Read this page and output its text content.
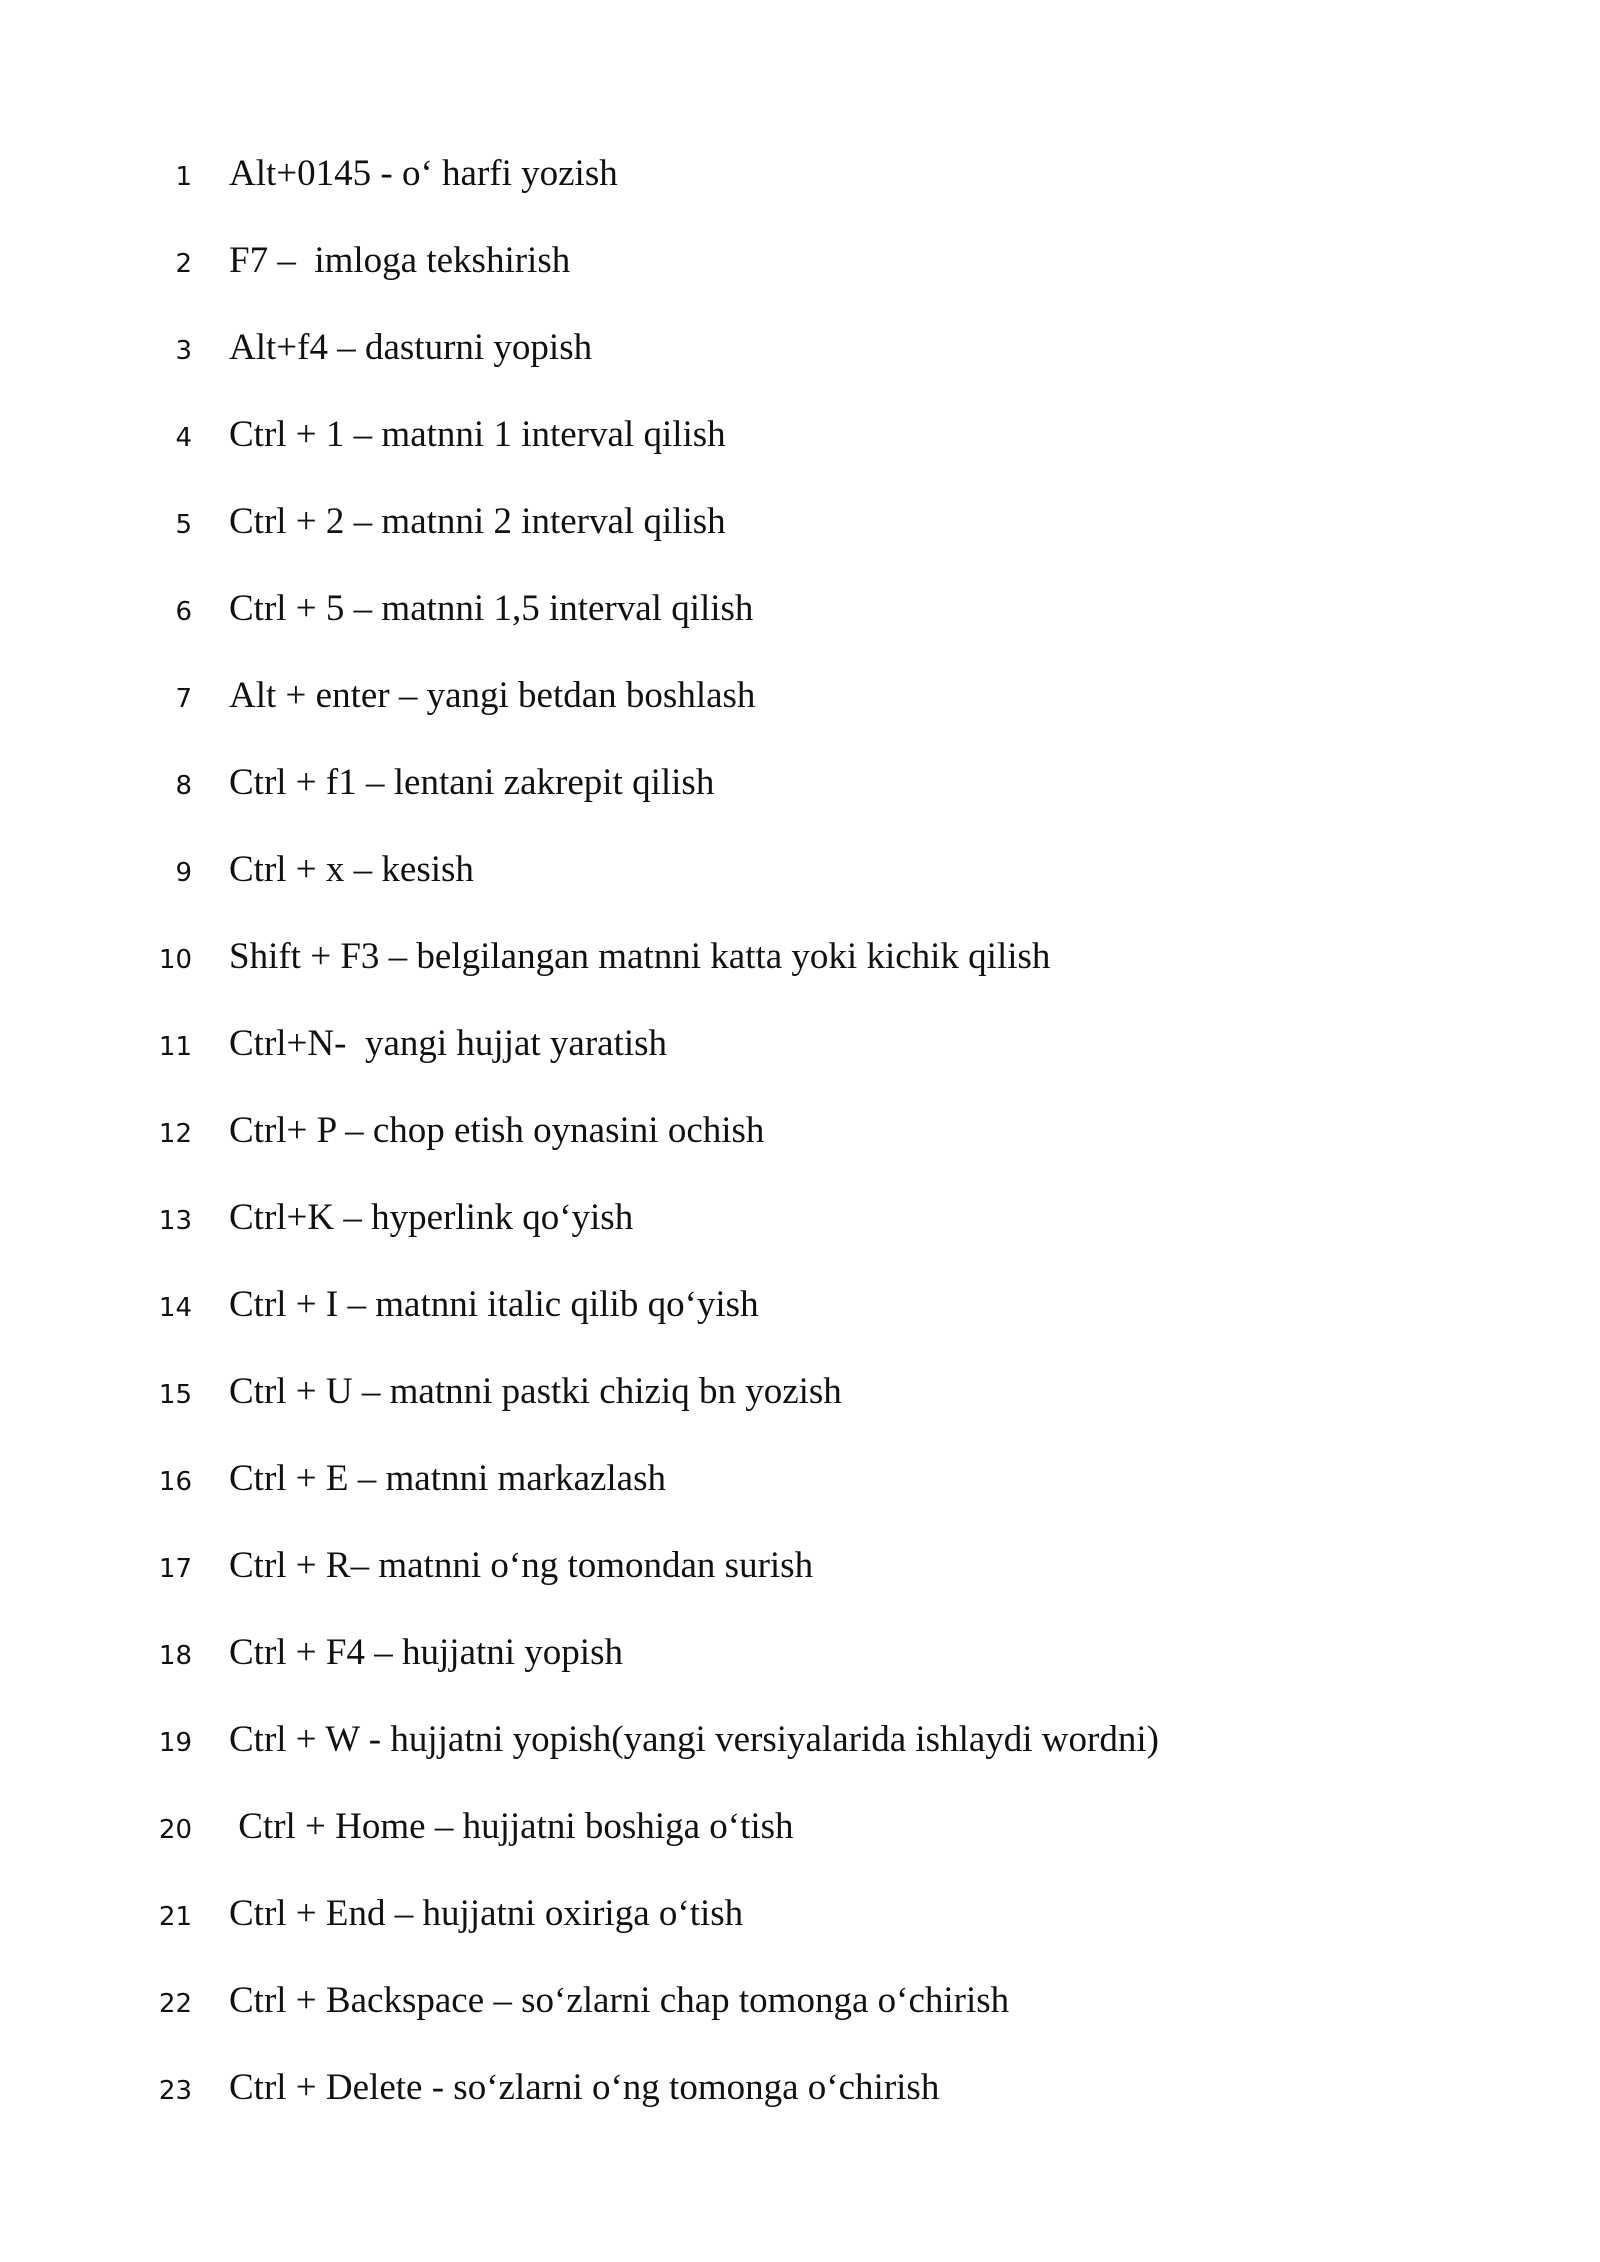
1 Alt+0145 - o‘ harfi yozish
2 F7 –  imloga tekshirish
3 Alt+f4 – dasturni yopish
4 Ctrl + 1 – matnni 1 interval qilish
5 Ctrl + 2 – matnni 2 interval qilish
6 Ctrl + 5 – matnni 1,5 interval qilish
7 Alt + enter – yangi betdan boshlash
8 Ctrl + f1 – lentani zakrepit qilish
9 Ctrl + x – kesish
10 Shift + F3 – belgilangan matnni katta yoki kichik qilish
11 Ctrl+N-  yangi hujjat yaratish
12 Ctrl+ P – chop etish oynasini ochish
13 Ctrl+K – hyperlink qo‘yish
14 Ctrl + I – matnni italic qilib qo‘yish
15 Ctrl + U – matnni pastki chiziq bn yozish
16 Ctrl + E – matnni markazlash
17 Ctrl + R– matnni o‘ng tomondan surish
18 Ctrl + F4 – hujjatni yopish
19 Ctrl + W - hujjatni yopish(yangi versiyalarida ishlaydi wordni)
20 Ctrl + Home – hujjatni boshiga o‘tish
21 Ctrl + End – hujjatni oxiriga o‘tish
22 Ctrl + Backspace – so‘zlarni chap tomonga o‘chirish
23 Ctrl + Delete - so‘zlarni o‘ng tomonga o‘chirish
